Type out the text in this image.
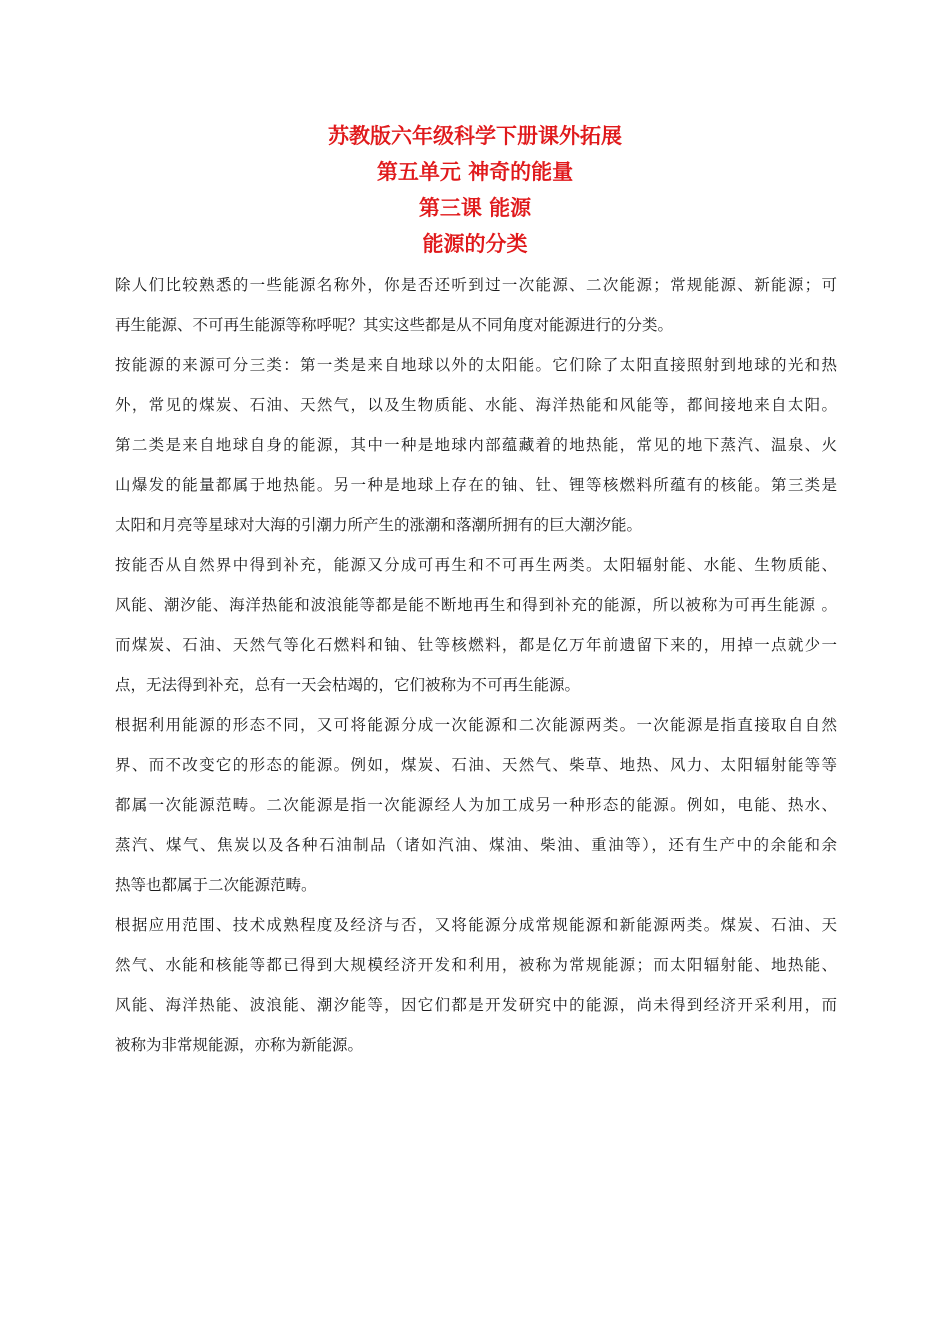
苏教版六年级科学下册课外拓展

第五单元 神奇的能量

第三课 能源

能源的分类

除人们比较熟悉的一些能源名称外，你是否还听到过一次能源、二次能源；常规能源、新能源；可
再生能源、不可再生能源等称呼呢？其实这些都是从不同角度对能源进行的分类。
按能源的来源可分三类：第一类是来自地球以外的太阳能。它们除了太阳直接照射到地球的光和热
外，常见的煤炭、石油、天然气，以及生物质能、水能、海洋热能和风能等，都间接地来自太阳。
第二类是来自地球自身的能源，其中一种是地球内部蕴藏着的地热能，常见的地下蒸汽、温泉、火
山爆发的能量都属于地热能。另一种是地球上存在的铀、钍、锂等核燃料所蕴有的核能。第三类是
太阳和月亮等星球对大海的引潮力所产生的涨潮和落潮所拥有的巨大潮汐能。
按能否从自然界中得到补充，能源又分成可再生和不可再生两类。太阳辐射能、水能、生物质能、
风能、潮汐能、海洋热能和波浪能等都是能不断地再生和得到补充的能源，所以被称为可再生能源 。
而煤炭、石油、天然气等化石燃料和铀、钍等核燃料，都是亿万年前遗留下来的，用掉一点就少一
点，无法得到补充，总有一天会枯竭的，它们被称为不可再生能源。
根据利用能源的形态不同，又可将能源分成一次能源和二次能源两类。一次能源是指直接取自自然
界、而不改变它的形态的能源。例如，煤炭、石油、天然气、柴草、地热、风力、太阳辐射能等等
都属一次能源范畴。二次能源是指一次能源经人为加工成另一种形态的能源。例如，电能、热水、
蒸汽、煤气、焦炭以及各种石油制品（诸如汽油、煤油、柴油、重油等），还有生产中的余能和余
热等也都属于二次能源范畴。
根据应用范围、技术成熟程度及经济与否，又将能源分成常规能源和新能源两类。煤炭、石油、天
然气、水能和核能等都已得到大规模经济开发和利用，被称为常规能源；而太阳辐射能、地热能、
风能、海洋热能、波浪能、潮汐能等，因它们都是开发研究中的能源，尚未得到经济开采利用，而
被称为非常规能源，亦称为新能源。
